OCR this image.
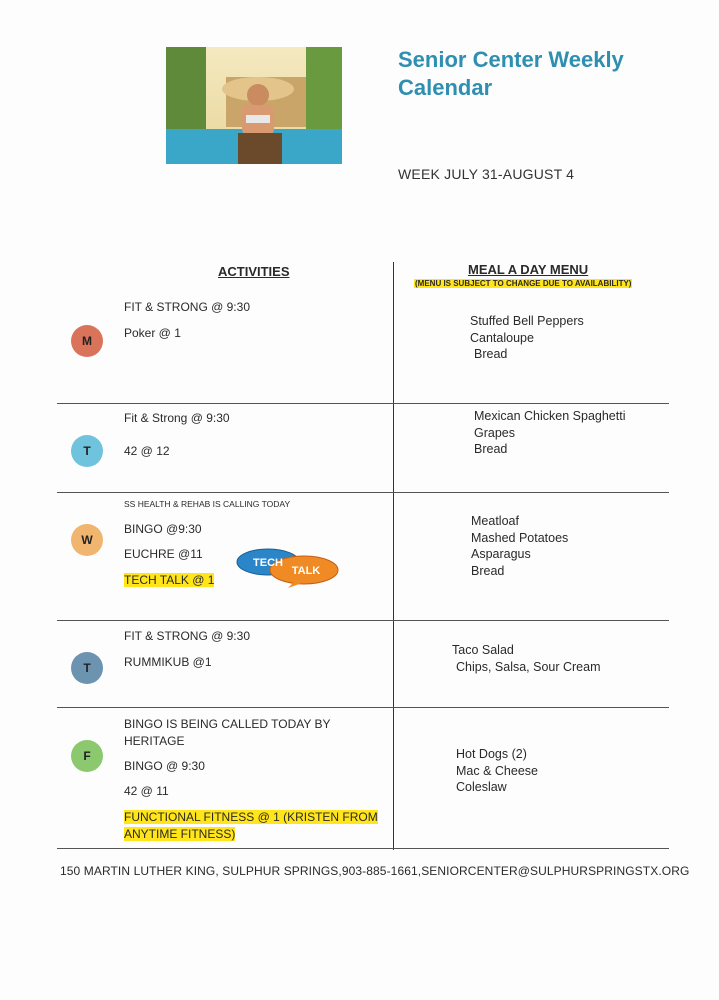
Senior Center Weekly
Calendar
WEEK JULY 31-AUGUST 4
ACTIVITIES	MEAL A DAY MENU
(MENU IS SUBJECT TO CHANGE DUE TO AVAILABILITY)
M
FIT & STRONG @ 9:30
Poker @ 1
Stuffed Bell Peppers
Cantaloupe
Bread
T
Fit & Strong @ 9:30
42 @ 12
Mexican Chicken Spaghetti
Grapes
Bread
W
SS HEALTH & REHAB IS CALLING TODAY
BINGO @9:30
EUCHRE @11
TECH TALK @ 1
TECH
TALK
Meatloaf
Mashed Potatoes
Asparagus
Bread
T
FIT & STRONG @ 9:30
RUMMIKUB @1
Taco Salad
Chips, Salsa, Sour Cream
F
BINGO IS BEING CALLED TODAY BY
HERITAGE
BINGO @ 9:30
42 @ 11
FUNCTIONAL FITNESS @ 1 (KRISTEN FROM
ANYTIME FITNESS)
Hot Dogs (2)
Mac & Cheese
Coleslaw
150 MARTIN LUTHER KING, SULPHUR SPRINGS,903-885-1661,SENIORCENTER@SULPHURSPRINGSTX.ORG
